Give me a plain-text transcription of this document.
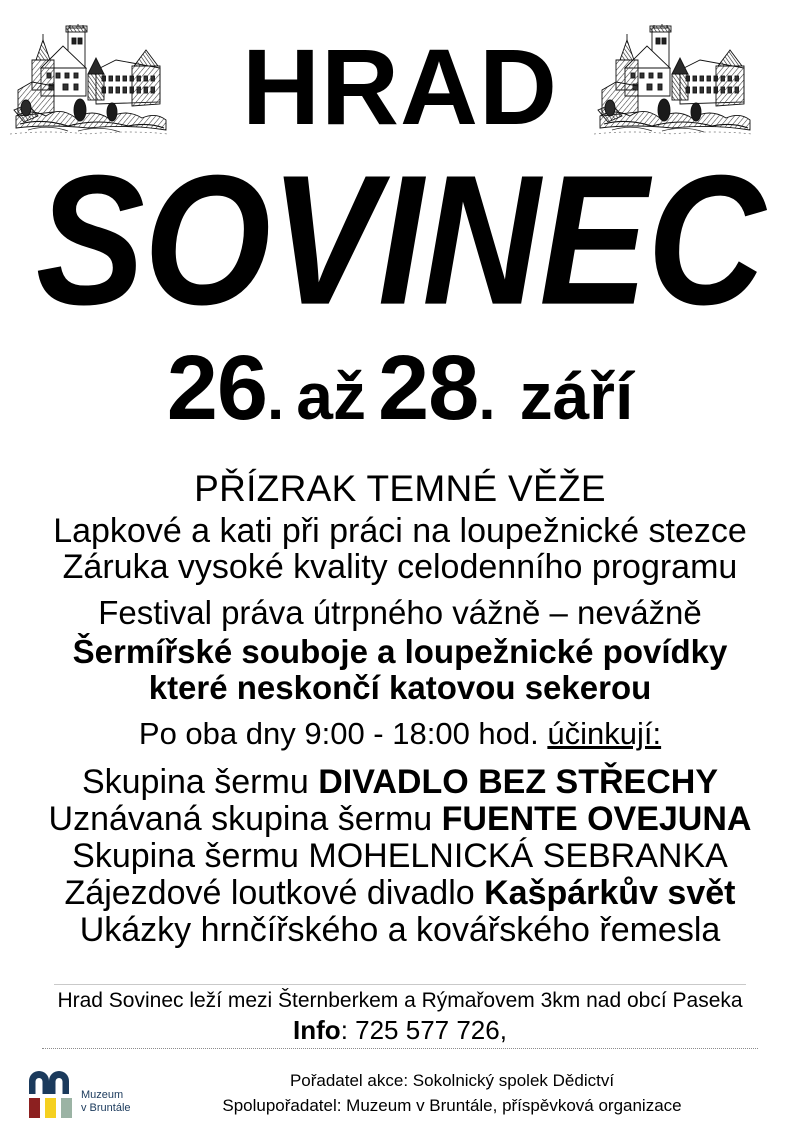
HRAD
SOVINEC
26. až 28. září
PŘÍZRAK TEMNÉ VĚŽE
Lapkové a kati při práci na loupežnické stezce
Záruka vysoké kvality celodenního programu
Festival práva útrpného vážně – nevážně
Šermířské souboje a loupežnické povídky
které neskončí katovou sekerou
Po oba dny 9:00 - 18:00 hod. účinkují:
Skupina šermu DIVADLO BEZ STŘECHY
Uznávaná skupina šermu FUENTE OVEJUNA
Skupina šermu MOHELNICKÁ SEBRANKA
Zájezdové loutkové divadlo Kašpárkův svět
Ukázky hrnčířského a kovářského řemesla
Hrad Sovinec leží mezi Šternberkem a Rýmařovem 3km nad obcí Paseka
Info: 725 577 726,
Muzeum
v Bruntále
Pořadatel akce: Sokolnický spolek Dědictví
Spolupořadatel: Muzeum v Bruntále, příspěvková organizace
